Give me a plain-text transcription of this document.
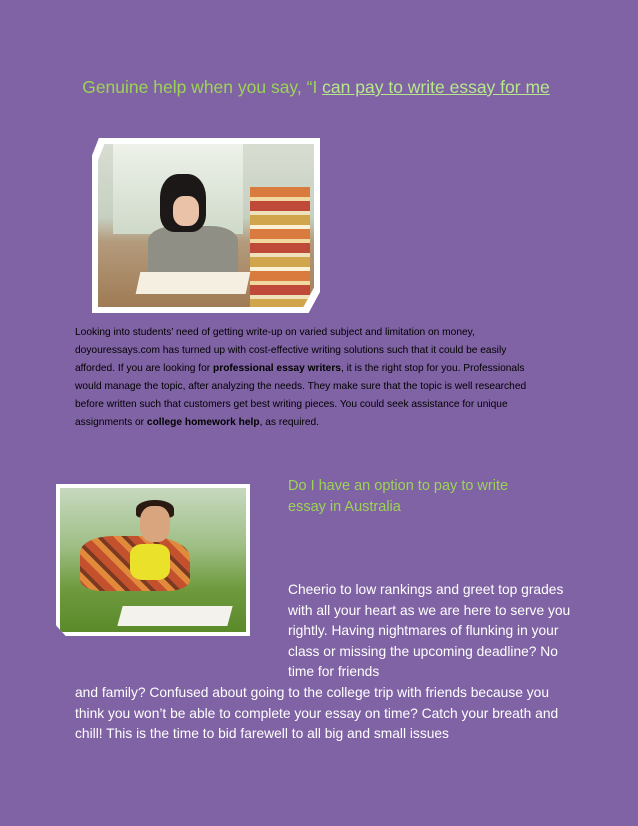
Genuine help when you say, “I can pay to write essay for me

Looking into students’ need of getting write-up on varied subject and limitation on money, doyouressays.com has turned up with cost-effective writing solutions such that it could be easily afforded. If you are looking for professional essay writers, it is the right stop for you. Professionals would manage the topic, after analyzing the needs. They make sure that the topic is well researched before written such that customers get best writing pieces. You could seek assistance for unique assignments or college homework help, as required.

Do I have an option to pay to write essay in Australia

Cheerio to low rankings and greet top grades with all your heart as we are here to serve you rightly. Having nightmares of flunking in your class or missing the upcoming deadline? No time for friends

and family? Confused about going to the college trip with friends because you think you won’t be able to complete your essay on time? Catch your breath and chill! This is the time to bid farewell to all big and small issues
